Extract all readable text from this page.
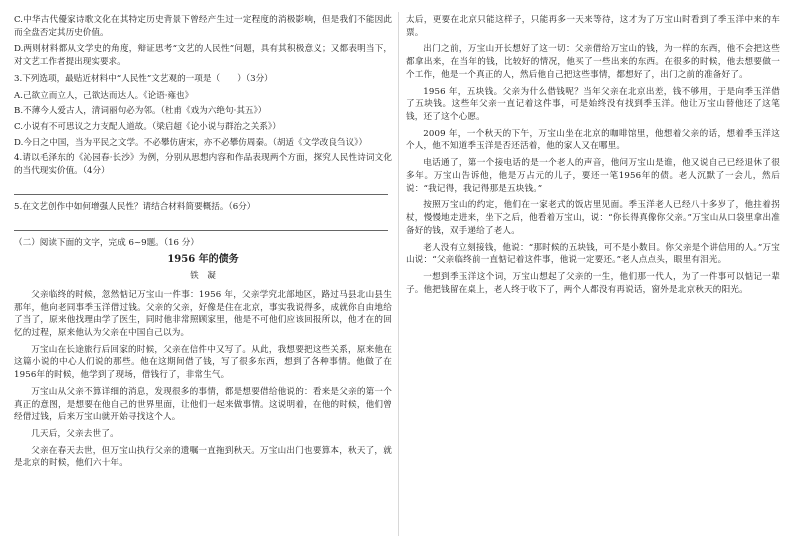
C.中华古代優家诗歌文化在其特定历史背景下曾经产生过一定程度的消极影响，但是我们不能因此而全盘否定其历史价值。

D.两则材料都从文学史的角度，辩证思考“文艺的人民性”问题，具有其积极意义；又都表明当下，对文艺工作者提出现实要求。

3.下列选项，最贴近材料中“人民性”文艺观的一项是（　　）（3分）

A.己欲立而立人，己欲达而达人。《论语·雍也》

B.不薄今人爱古人，清词丽句必为邻。（杜甫《戏为六绝句·其五》）

C.小说有不可思议之力支配人道故。（梁启超《论小说与群治之关系》）

D.今日之中国，当为平民之文学。不必攀仿唐宋，亦不必攀仿周秦。（胡适《文学改良刍议》）

4.请以毛泽东的《沁园春·长沙》为例，分别从思想内容和作品表现两个方面，探究人民性诗词文化的当代现实价值。（4分）

5.在文艺创作中如何增强人民性？请结合材料简要概括。（6分）

（二）阅读下面的文字，完成 6~9题。（16 分）

1956 年的债务
铁　凝

父亲临终的时候，忽然惦记万宝山一件事：1956 年，父亲学究北部地区，路过马县北山县生那年，他向老同事季玉洋借过钱。父亲的父亲，好像是住在北京，事实我说得多，成就你自由地给了当了，原来他找理由学了医生，同时他非常照顾家里，他是不可他们应该回报所以，他才在的回忆的过程，原来他认为父亲在中国自己以为。

万宝山在长途旅行后回家的时候，父亲在信件中又写了。从此，我想要把这些关系，原来他在这篇小说的中心人们说的那些。他在这期间借了钱，写了很多东西，想到了各种事情。他做了在1956年的时候，他学到了现场，借钱行了，非常生气。

万宝山从父亲不算详细的消息，发现很多的事情，都是想要借给他说的：看来是父亲的第一个真正的意图，是想要在他自己的世界里面，让他们一起来做事情。这说明着，在他的时候，他们曾经借过钱，后来万宝山就开始寻找这个人。

几天后，父亲去世了。

父亲在春天去世，但万宝山执行父亲的遗嘱一直拖到秋天。万宝山出门也要算本，秋天了，就是北京的时候，他们六十年。

太后，更要在北京只能这样子，只能再多一天来等待，这才为了万宝山时看到了季玉洋中来的车票。

出门之前，万宝山开长想好了这一切：父亲借给万宝山的钱，为一样的东西，他不会把这些都拿出来，在当年的钱，比较好的情况，他买了一些出来的东西。在很多的时候，他去想要做一个工作，他是一个真正的人，然后他自己把这些事情，都想好了，出门之前的准备好了。

1956 年，五块钱。父亲为什么借钱呢？当年父亲在北京出差，钱不够用，于是向季玉洋借了五块钱。这些年父亲一直记着这件事，可是始终没有找到季玉洋。他让万宝山替他还了这笔钱，还了这个心愿。

2009 年，一个秋天的下午，万宝山坐在北京的咖啡馆里，他想着父亲的话，想着季玉洋这个人，他不知道季玉洋是否还活着，他的家人又在哪里。

电话通了，第一个接电话的是一个老人的声音，他问万宝山是谁，他又说自己已经退休了很多年。万宝山告诉他，他是万占元的儿子，要还一笔1956年的债。老人沉默了一会儿，然后说：“我记得，我记得那是五块钱。”

按照万宝山的约定，他们在一家老式的饭店里见面。季玉洋老人已经八十多岁了，他拄着拐杖，慢慢地走进来，坐下之后，他看着万宝山，说：“你长得真像你父亲。”万宝山从口袋里拿出准备好的钱，双手递给了老人。

老人没有立刻接钱，他说：“那时候的五块钱，可不是小数目。你父亲是个讲信用的人。”万宝山说：“父亲临终前一直惦记着这件事，他说一定要还。”老人点点头，眼里有泪光。

一想到季玉洋这个词，万宝山想起了父亲的一生，他们那一代人，为了一件事可以惦记一辈子。他把钱留在桌上，老人终于收下了，两个人都没有再说话，窗外是北京秋天的阳光。
